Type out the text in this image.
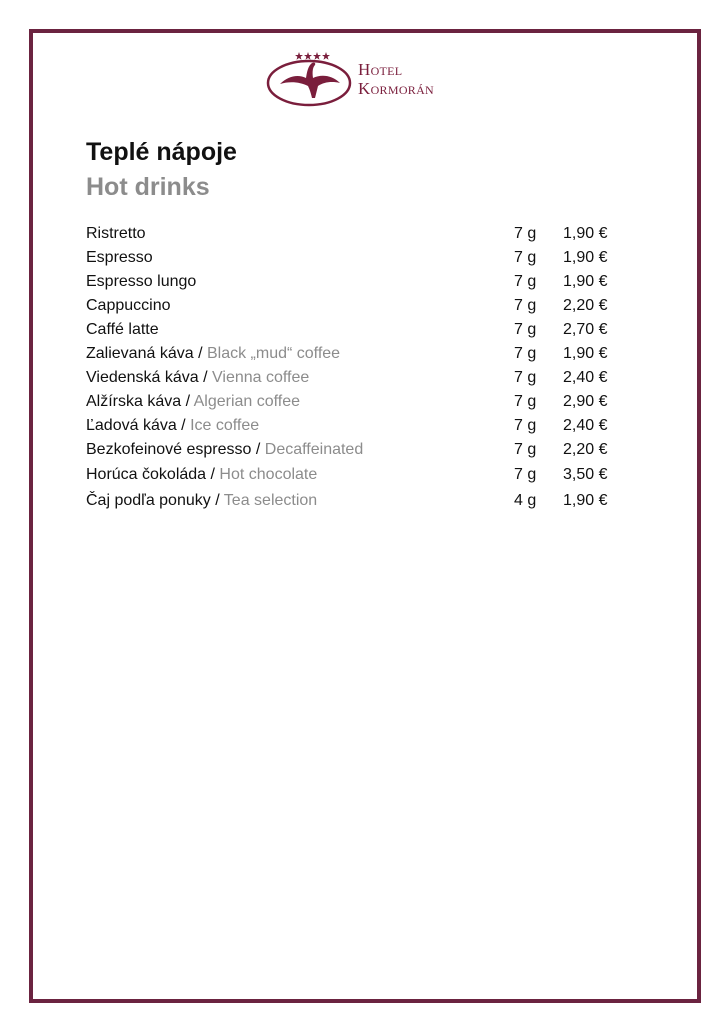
Hotel
Kormorán
Teplé nápoje
Hot drinks
Ristretto	7 g 1,90 €
Espresso	7 g 1,90 €
Espresso lungo	7 g 1,90 €
Cappuccino	7 g 2,20 €
Caffé latte	7 g 2,70 €
Zalievaná káva / Black „mud“ coffee	7 g 1,90 €
Viedenská káva / Vienna coffee	7 g 2,40 €
Alžírska káva / Algerian coffee	7 g 2,90 €
Ľadová káva / Ice coffee	7 g 2,40 €
Bezkofeinové espresso / Decaffeinated	7 g 2,20 €
Horúca čokoláda / Hot chocolate	7 g 3,50 €
Čaj podľa ponuky / Tea selection	4 g 1,90 €
